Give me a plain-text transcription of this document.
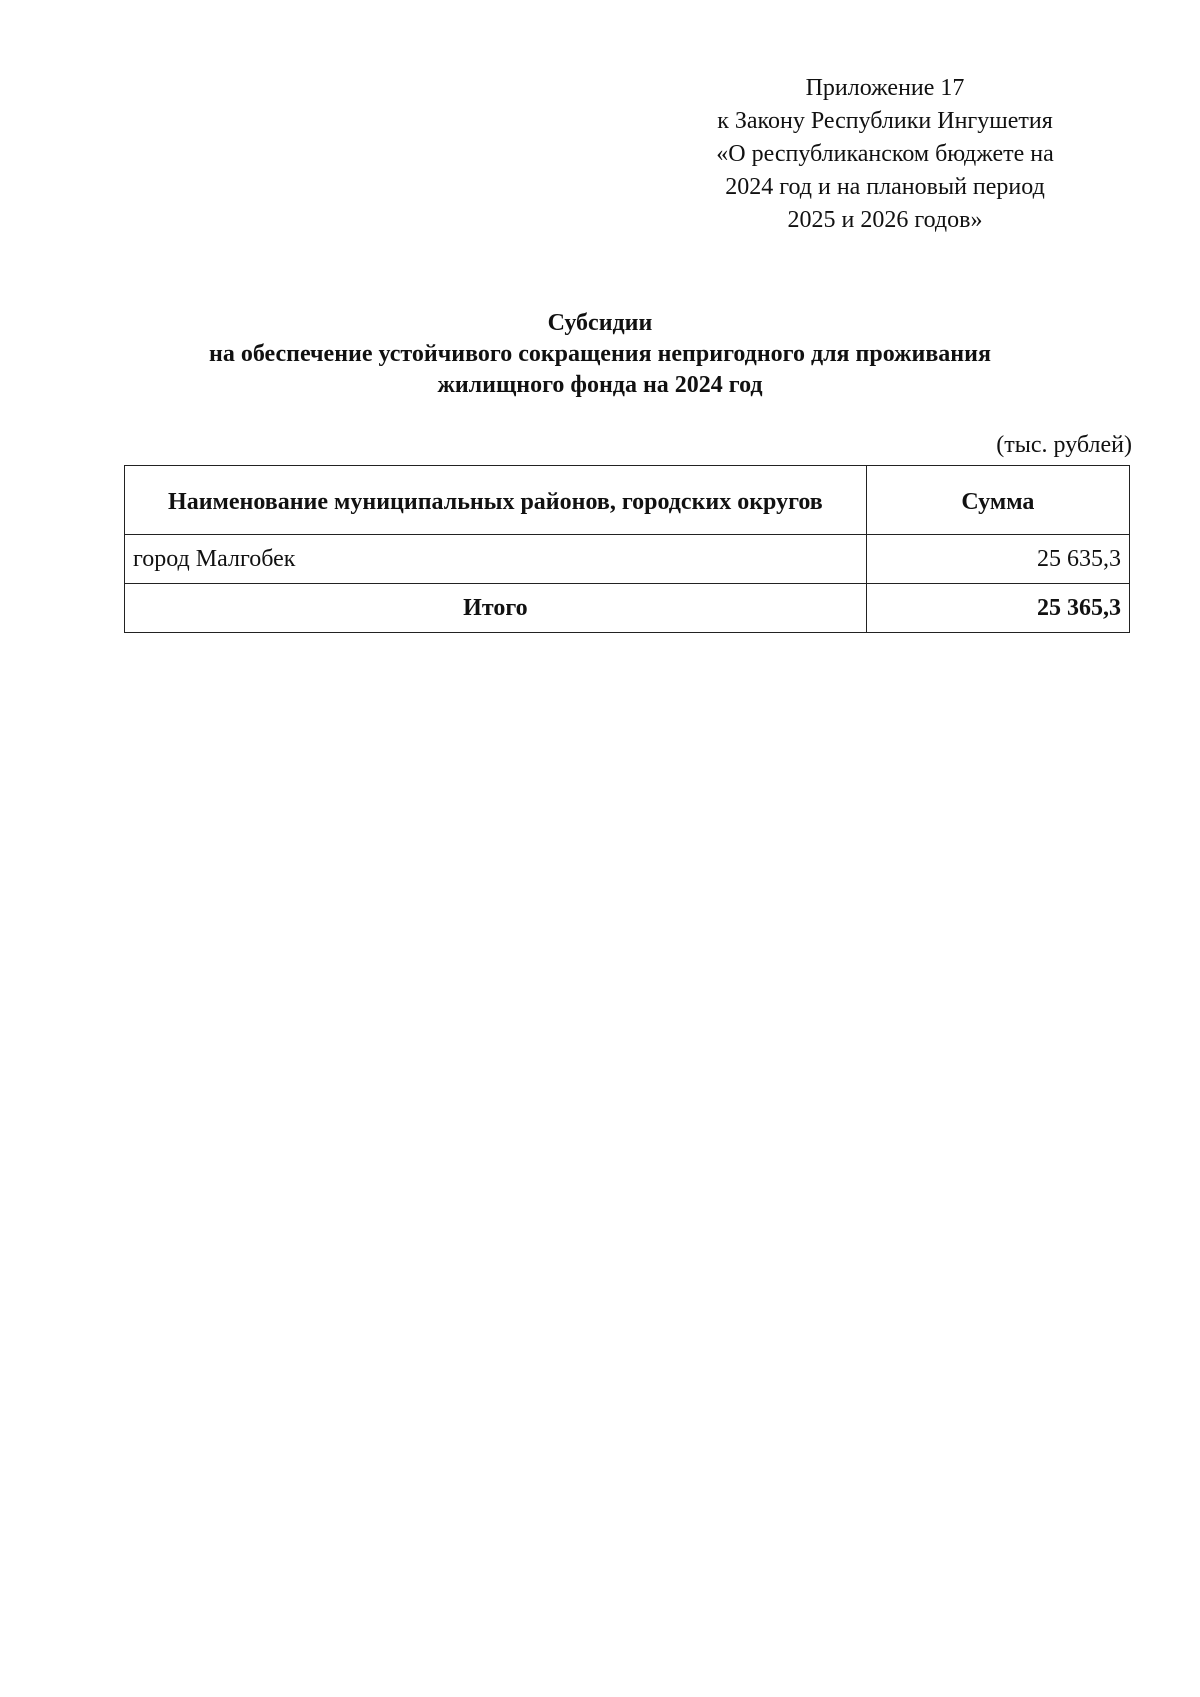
Приложение 17
к Закону Республики Ингушетия
«О республиканском бюджете на
2024 год и на плановый период
2025 и 2026 годов»
Субсидии
на обеспечение устойчивого сокращения непригодного для проживания
жилищного фонда на 2024 год
(тыс. рублей)
Наименование муниципальных районов, городских округов	Сумма
город Малгобек	25 635,3
Итого	25 365,3
